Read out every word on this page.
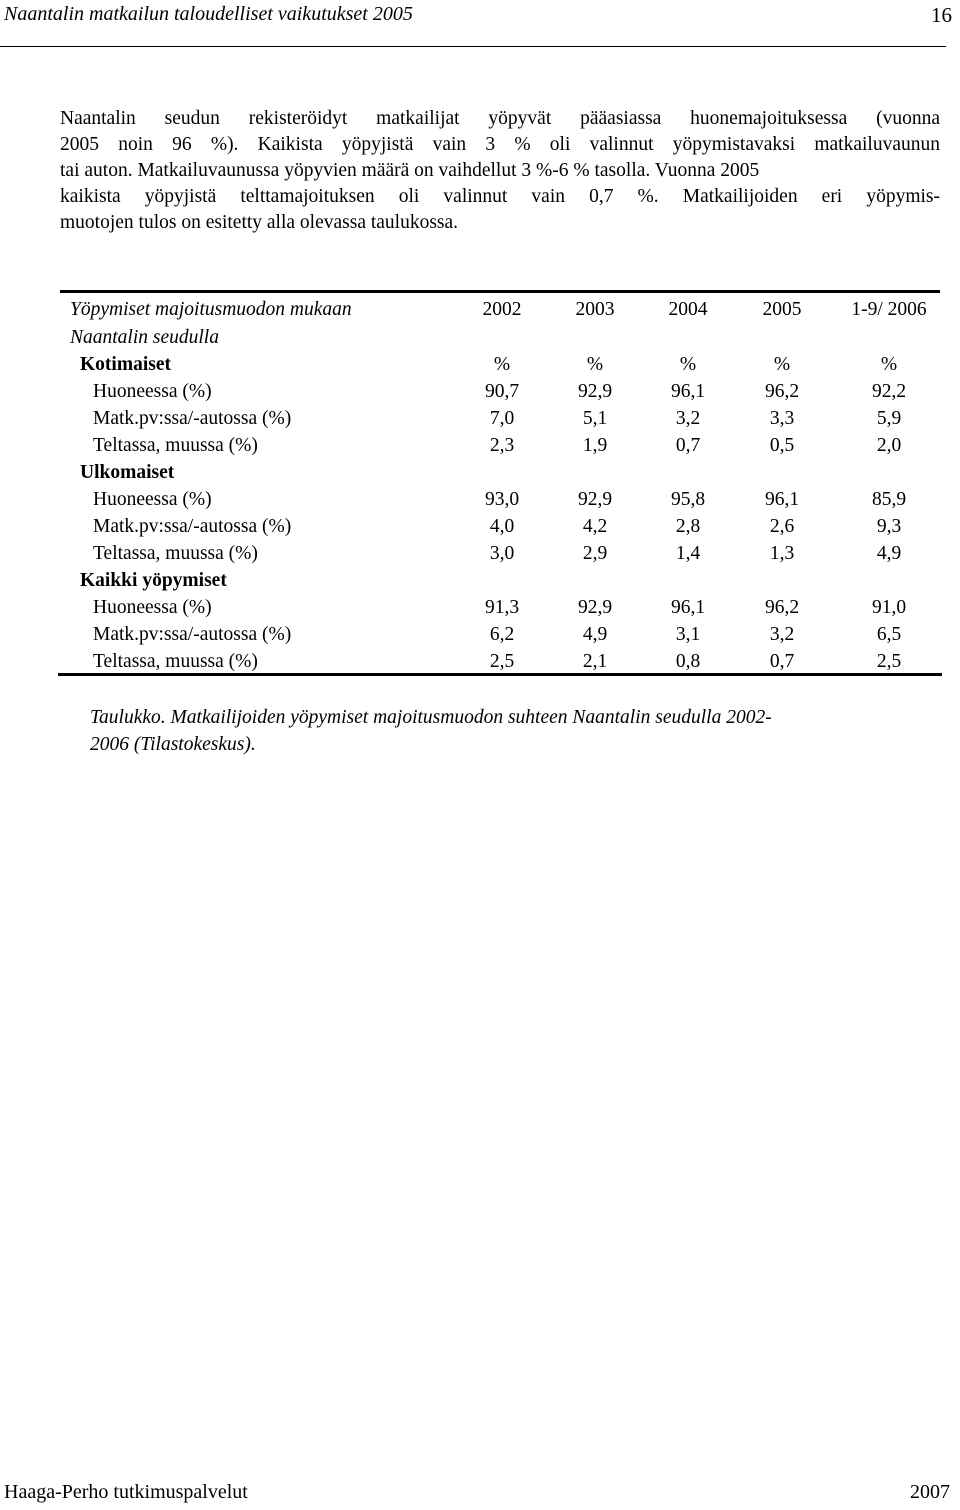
Naantalin matkailun taloudelliset vaikutukset 2005	16

Naantalin seudun rekisteröidyt matkailijat yöpyvät pääasiassa huonemajoituksessa (vuonna
2005 noin 96 %). Kaikista yöpyjistä vain 3 % oli valinnut yöpymistavaksi matkailuvaunun
tai auton. Matkailuvaunussa yöpyvien määrä on vaihdellut 3 %-6 % tasolla. Vuonna 2005
kaikista yöpyjistä telttamajoituksen oli valinnut vain 0,7 %. Matkailijoiden eri yöpymis-
muotojen tulos on esitetty alla olevassa taulukossa.

Yöpymiset majoitusmuodon mukaan	2002	2003	2004	2005	1-9/ 2006
Naantalin seudulla
Kotimaiset	%	%	%	%	%
Huoneessa (%)	90,7	92,9	96,1	96,2	92,2
Matk.pv:ssa/-autossa (%)	7,0	5,1	3,2	3,3	5,9
Teltassa, muussa (%)	2,3	1,9	0,7	0,5	2,0
Ulkomaiset
Huoneessa (%)	93,0	92,9	95,8	96,1	85,9
Matk.pv:ssa/-autossa (%)	4,0	4,2	2,8	2,6	9,3
Teltassa, muussa (%)	3,0	2,9	1,4	1,3	4,9
Kaikki yöpymiset
Huoneessa (%)	91,3	92,9	96,1	96,2	91,0
Matk.pv:ssa/-autossa (%)	6,2	4,9	3,1	3,2	6,5
Teltassa, muussa (%)	2,5	2,1	0,8	0,7	2,5

Taulukko. Matkailijoiden yöpymiset majoitusmuodon suhteen Naantalin seudulla 2002-
2006 (Tilastokeskus).

Haaga-Perho tutkimuspalvelut	2007
